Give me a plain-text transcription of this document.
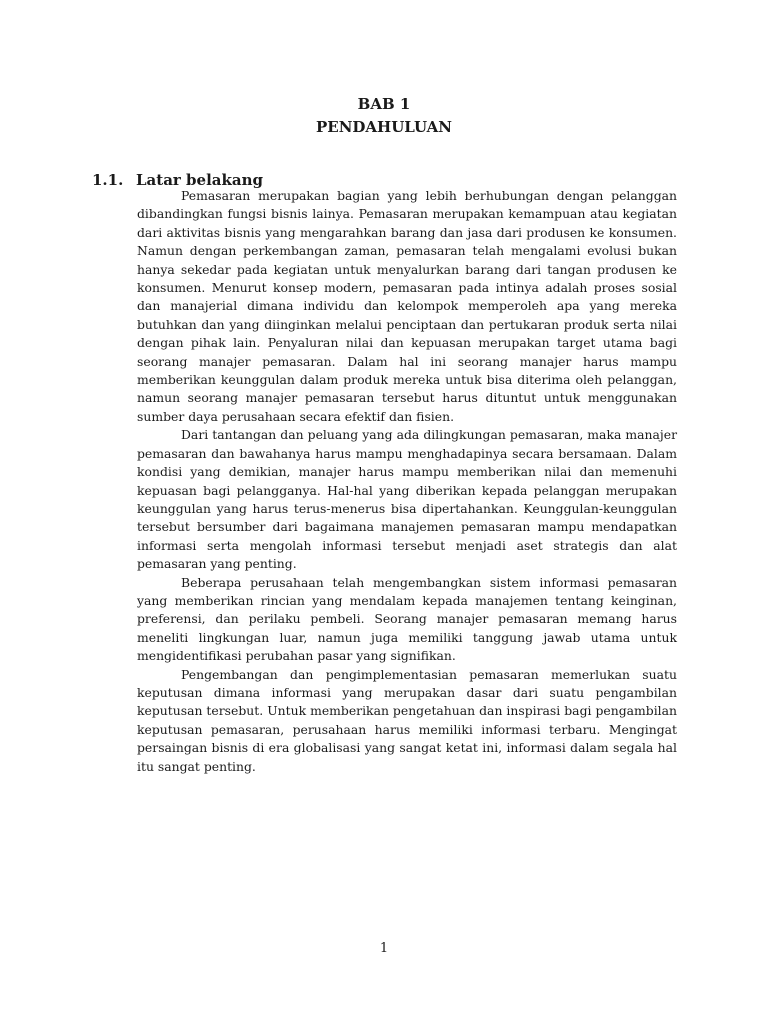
BAB 1
PENDAHULUAN
1.1. Latar belakang

Pemasaran merupakan bagian yang lebih berhubungan dengan pelanggan dibandingkan fungsi bisnis lainya. Pemasaran merupakan kemampuan atau kegiatan dari aktivitas bisnis yang mengarahkan barang dan jasa dari produsen ke konsumen. Namun dengan perkembangan zaman, pemasaran telah mengalami evolusi bukan hanya sekedar pada kegiatan untuk menyalurkan barang dari tangan produsen ke konsumen. Menurut konsep modern, pemasaran pada intinya adalah proses sosial dan manajerial dimana individu dan kelompok memperoleh apa yang mereka butuhkan dan yang diinginkan melalui penciptaan dan pertukaran produk serta nilai dengan pihak lain. Penyaluran nilai dan kepuasan merupakan target utama bagi seorang manajer pemasaran. Dalam hal ini seorang manajer harus mampu memberikan keunggulan dalam produk mereka untuk bisa diterima oleh pelanggan, namun seorang manajer pemasaran tersebut harus dituntut untuk menggunakan sumber daya perusahaan secara efektif dan fisien.

Dari tantangan dan peluang yang ada dilingkungan pemasaran, maka manajer pemasaran dan bawahanya harus mampu menghadapinya secara bersamaan. Dalam kondisi yang demikian, manajer harus mampu memberikan nilai dan memenuhi kepuasan bagi pelangganya. Hal-hal yang diberikan kepada pelanggan merupakan keunggulan yang harus terus-menerus bisa dipertahankan. Keunggulan-keunggulan tersebut bersumber dari bagaimana manajemen pemasaran mampu mendapatkan informasi serta mengolah informasi tersebut menjadi aset strategis dan alat pemasaran yang penting.

Beberapa perusahaan telah mengembangkan sistem informasi pemasaran yang memberikan rincian yang mendalam kepada manajemen tentang keinginan, preferensi, dan perilaku pembeli. Seorang manajer pemasaran memang harus meneliti lingkungan luar, namun juga memiliki tanggung jawab utama untuk mengidentifikasi perubahan pasar yang signifikan.

Pengembangan dan pengimplementasian pemasaran memerlukan suatu keputusan dimana informasi yang merupakan dasar dari suatu pengambilan keputusan tersebut. Untuk memberikan pengetahuan dan inspirasi bagi pengambilan keputusan pemasaran, perusahaan harus memiliki informasi terbaru. Mengingat persaingan bisnis di era globalisasi yang sangat ketat ini, informasi dalam segala hal itu sangat penting.

1
